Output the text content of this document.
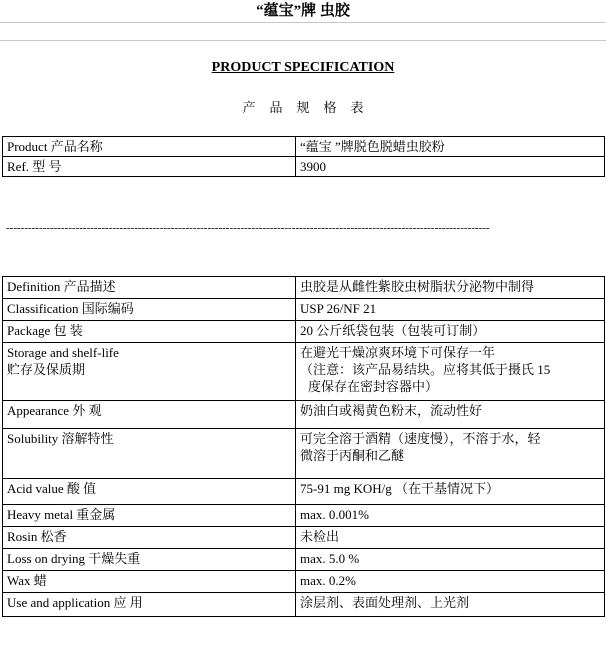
“蕴宝”牌 虫胶
PRODUCT SPECIFICATION
产品规格表
Product 产品名称	“蕴宝 ”牌脱色脱蜡虫胶粉
Ref. 型 号	3900
------------------------------------------------------------------------------------------------------------------------------------
Definition 产品描述	虫胶是从雌性紫胶虫树脂状分泌物中制得
Classification 国际编码	USP 26/NF 21
Package 包 装	20 公斤纸袋包装（包装可订制）

Storage and shelf-life
贮存及保质期	在避光干燥凉爽环境下可保存一年
（注意：该产品易结块。应将其低于摄氏 15
度保存在密封容器中）

Appearance 外 观	奶油白或褐黄色粉末，流动性好
Solubility 溶解特性	可完全溶于酒精（速度慢），不溶于水，轻
微溶于丙酮和乙醚

Acid value 酸 值	75-91 mg KOH/g （在干基情况下）
Heavy metal 重金属	max. 0.001%
Rosin 松香	未检出
Loss on drying 干燥失重	max. 5.0 %
Wax 蜡	max. 0.2%
Use and application 应 用	涂层剂、表面处理剂、上光剂
